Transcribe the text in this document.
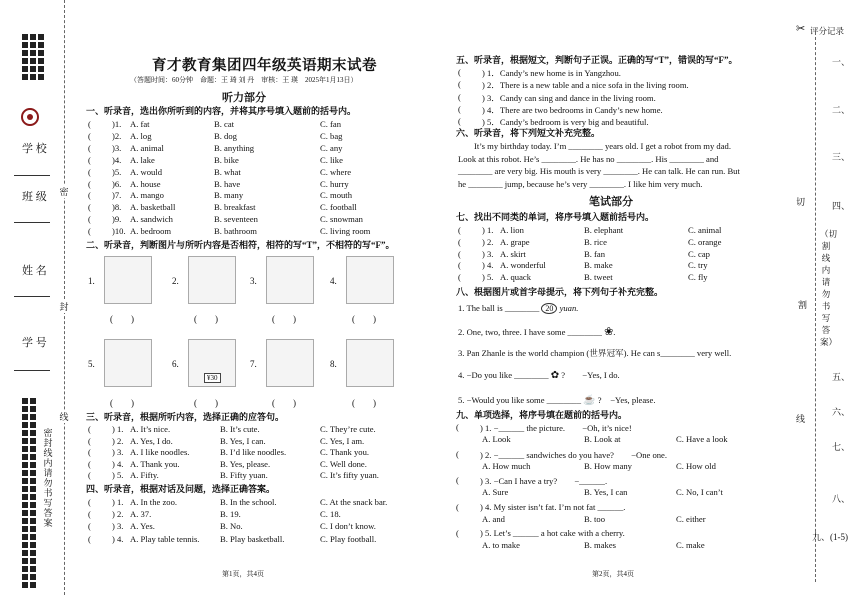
学 校
班 级
姓 名
学 号
密
封
线
内
请
勿
书
写
答
案
密
封
线
育才教育集团四年级英语期末试卷
（答题时间：60分钟　命题：王 琦 刘 丹　审核：王 瑛　2025年1月13日）
听力部分
一、听录音，选出你所听到的内容，并将其序号填入题前的括号内。
( )1. A. fat	B. cat	C. fan
( )2. A. log	B. dog	C. bag
( )3. A. animal	B. anything	C. any
( )4. A. lake	B. bike	C. like
( )5. A. would	B. what	C. where
( )6. A. house	B. have	C. hurry
( )7. A. mango	B. many	C. mouth
( )8. A. basketball	B. breakfast	C. football
( )9. A. sandwich	B. seventeen	C. snowman
( )10. A. bedroom	B. bathroom	C. living room
二、听录音，判断图片与所听内容是否相符，相符的写“T”，不相符的写“F”。
1.
(　　)
2.
(　　)
3.
(　　)
4.
(　　)
5.
(　　)
6.
(　　)
7.
(　　)
8.
(　　)
¥30
三、听录音，根据所听内容，选择正确的应答句。
( ) 1. A. It’s nice.	B. It’s cute.	C. They’re cute.
( ) 2. A. Yes, I do.	B. Yes, I can.	C. Yes, I am.
( ) 3. A. I like noodles.	B. I’d like noodles.	C. Thank you.
( ) 4. A. Thank you.	B. Yes, please.	C. Well done.
( ) 5. A. Fifty.	B. Fifty yuan.	C. It’s fifty yuan.
四、听录音，根据对话及问题，选择正确答案。
( ) 1. A. In the zoo.	B. In the school.	C. At the snack bar.
( ) 2. A. 37.	B. 19.	C. 18.
( ) 3. A. Yes.	B. No.	C. I don’t know.
( ) 4. A. Play table tennis. B. Play basketball.	C. Play football.
第1页，共4页
五、听录音，根据短文，判断句子正误。正确的写“T”，错误的写“F”。
( ) 1．Candy’s new home is in Yangzhou.
( ) 2．There is a new table and a nice sofa in the living room.
( ) 3．Candy can sing and dance in the living room.
( ) 4．There are two bedrooms in Candy’s new home.
( ) 5．Candy’s bedroom is very big and beautiful.
六、听录音，将下列短文补充完整。
It’s my birthday today. I’m ________ years old. I get a robot from my dad.
Look at this robot. He’s ________. He has no ________. His ________ and
________ are very big. His mouth is very ________. He can talk. He can run. But
he ________ jump, because he’s very ________. I like him very much.
笔试部分
七、找出不同类的单词，将序号填入题前括号内。
( ) 1. A. lion	B. elephant	C. animal
( ) 2. A. grape	B. rice	C. orange
( ) 3. A. skirt	B. fan	C. cap
( ) 4. A. wonderful	B. make	C. try
( ) 5. A. quack	B. tweet	C. fly
八、根据图片或首字母提示，将下列句子补充完整。
1. The ball is ________ 20 yuan.
2. One, two, three. I have some ________ ❀.
3. Pan Zhanle is the world champion (世界冠军). He can s________ very well.
4. −Do you like ________ ✿ ?　　−Yes, I do.
5. −Would you like some ________ ☕ ?　−Yes, please.
九、单项选择，将序号填在题前的括号内。
( ) 1. −______ the picture.　　−Oh, it’s nice!
A. Look	B. Look at	C. Have a look
( ) 2. −______ sandwiches do you have?　　−One one.
A. How much	B. How many	C. How old
( ) 3. −Can I have a try?　　−______.
A. Sure	B. Yes, I can	C. No, I can’t
( ) 4. My sister isn’t fat. I’m not fat ______.
A. and	B. too	C. either
( ) 5. Let’s ______ a hot cake with a cherry.
A. to make	B. makes	C. make
第2页，共4页
✂ 评分记录
一、
二、
三、
四、
五、
六、
七、
八、
九、(1-5)
（切割线内请勿书写答案）
切
割
线
